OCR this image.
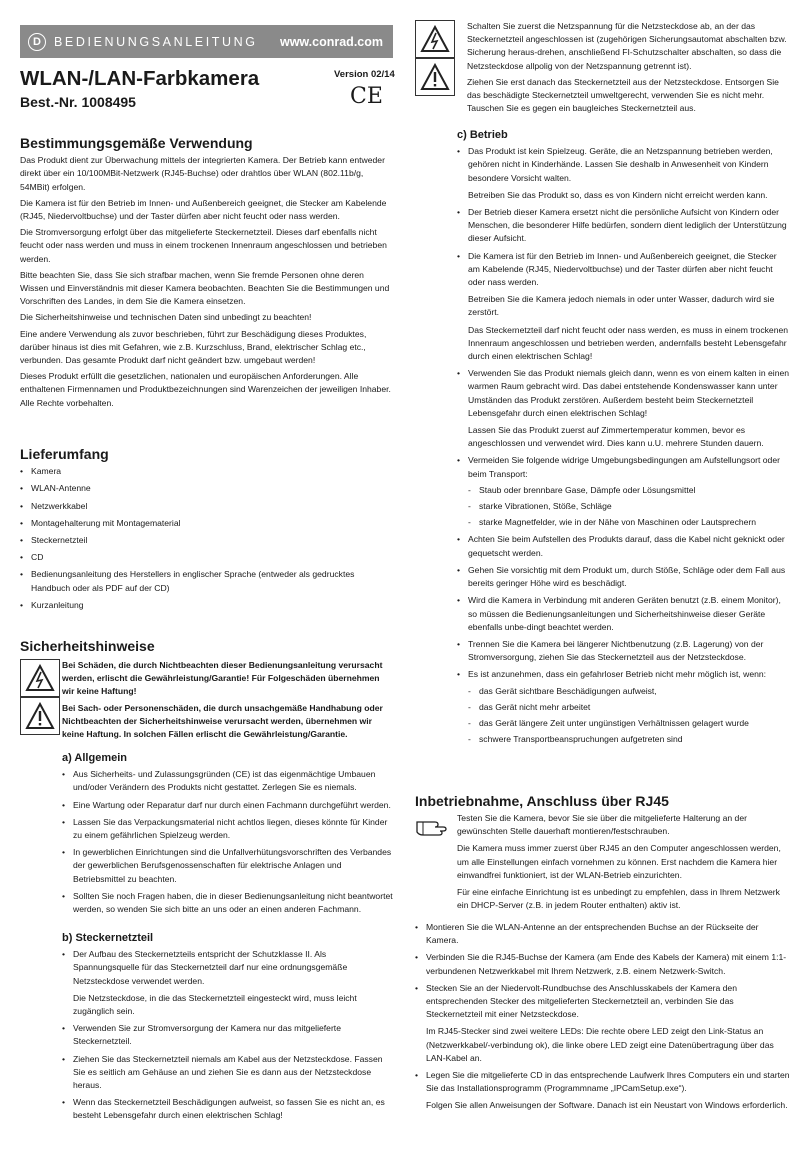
D	BEDIENUNGSANLEITUNG www.conrad.com
WLAN-/LAN-Farbkamera	Version 02/14
CE
Best.-Nr. 1008495
Bestimmungsgemäße Verwendung

Das Produkt dient zur Überwachung mittels der integrierten Kamera. Der Betrieb kann entweder direkt über ein 10/100MBit-Netzwerk (RJ45-Buchse) oder drahtlos über WLAN (802.11b/g, 54MBit) erfolgen.

Die Kamera ist für den Betrieb im Innen- und Außenbereich geeignet, die Stecker am Kabelende (RJ45, Niedervoltbuchse) und der Taster dürfen aber nicht feucht oder nass werden.

Die Stromversorgung erfolgt über das mitgelieferte Steckernetzteil. Dieses darf ebenfalls nicht feucht oder nass werden und muss in einem trockenen Innenraum angeschlossen und betrieben werden.

Bitte beachten Sie, dass Sie sich strafbar machen, wenn Sie fremde Personen ohne deren Wissen und Einverständnis mit dieser Kamera beobachten. Beachten Sie die Bestimmungen und Vorschriften des Landes, in dem Sie die Kamera einsetzen.

Die Sicherheitshinweise und technischen Daten sind unbedingt zu beachten!

Eine andere Verwendung als zuvor beschrieben, führt zur Beschädigung dieses Produktes, darüber hinaus ist dies mit Gefahren, wie z.B. Kurzschluss, Brand, elektrischer Schlag etc., verbunden. Das gesamte Produkt darf nicht geändert bzw. umgebaut werden!

Dieses Produkt erfüllt die gesetzlichen, nationalen und europäischen Anforderungen. Alle enthaltenen Firmennamen und Produktbezeichnungen sind Warenzeichen der jeweiligen Inhaber. Alle Rechte vorbehalten.

Lieferumfang
• Kamera
• WLAN-Antenne
• Netzwerkkabel
• Montagehalterung mit Montagematerial
• Steckernetzteil
• CD
• Bedienungsanleitung des Herstellers in englischer Sprache (entweder als gedrucktes Handbuch oder als PDF auf der CD)
• Kurzanleitung
Sicherheitshinweise

Bei Schäden, die durch Nichtbeachten dieser Bedienungsanleitung verursacht werden, erlischt die Gewährleistung/Garantie! Für Folgeschäden übernehmen wir keine Haftung!

Bei Sach- oder Personenschäden, die durch unsachgemäße Handhabung oder Nichtbeachten der Sicherheitshinweise verursacht werden, übernehmen wir keine Haftung. In solchen Fällen erlischt die Gewährleistung/Garantie.

a) Allgemein
• Aus Sicherheits- und Zulassungsgründen (CE) ist das eigenmächtige Umbauen und/oder Verändern des Produkts nicht gestattet. Zerlegen Sie es niemals.
• Eine Wartung oder Reparatur darf nur durch einen Fachmann durchgeführt werden.
• Lassen Sie das Verpackungsmaterial nicht achtlos liegen, dieses könnte für Kinder zu einem gefährlichen Spielzeug werden.
• In gewerblichen Einrichtungen sind die Unfallverhütungsvorschriften des Verbandes der gewerblichen Berufsgenossenschaften für elektrische Anlagen und Betriebsmittel zu beachten.
• Sollten Sie noch Fragen haben, die in dieser Bedienungsanleitung nicht beantwortet werden, so wenden Sie sich bitte an uns oder an einen anderen Fachmann.
b) Steckernetzteil
• Der Aufbau des Steckernetzteils entspricht der Schutzklasse II. Als Spannungsquelle für das Steckernetzteil darf nur eine ordnungsgemäße Netzsteckdose verwendet werden.
Die Netzsteckdose, in die das Steckernetzteil eingesteckt wird, muss leicht zugänglich sein.
• Verwenden Sie zur Stromversorgung der Kamera nur das mitgelieferte Steckernetzteil.
• Ziehen Sie das Steckernetzteil niemals am Kabel aus der Netzsteckdose. Fassen Sie es seitlich am Gehäuse an und ziehen Sie es dann aus der Netzsteckdose heraus.
• Wenn das Steckernetzteil Beschädigungen aufweist, so fassen Sie es nicht an, es besteht Lebensgefahr durch einen elektrischen Schlag!

Schalten Sie zuerst die Netzspannung für die Netzsteckdose ab, an der das Steckernetzteil angeschlossen ist (zugehörigen Sicherungsautomat abschalten bzw. Sicherung heraus-drehen, anschließend FI-Schutzschalter abschalten, so dass die Netzsteckdose allpolig von der Netzspannung getrennt ist).

Ziehen Sie erst danach das Steckernetzteil aus der Netzsteckdose. Entsorgen Sie das beschädigte Steckernetzteil umweltgerecht, verwenden Sie es nicht mehr. Tauschen Sie es gegen ein baugleiches Steckernetzteil aus.

c) Betrieb
• Das Produkt ist kein Spielzeug. Geräte, die an Netzspannung betrieben werden, gehören nicht in Kinderhände. Lassen Sie deshalb in Anwesenheit von Kindern besondere Vorsicht walten.
Betreiben Sie das Produkt so, dass es von Kindern nicht erreicht werden kann.
• Der Betrieb dieser Kamera ersetzt nicht die persönliche Aufsicht von Kindern oder Menschen, die besonderer Hilfe bedürfen, sondern dient lediglich der Unterstützung dieser Aufsicht.
• Die Kamera ist für den Betrieb im Innen- und Außenbereich geeignet, die Stecker am Kabelende (RJ45, Niedervoltbuchse) und der Taster dürfen aber nicht feucht oder nass werden.
Betreiben Sie die Kamera jedoch niemals in oder unter Wasser, dadurch wird sie zerstört.
Das Steckernetzteil darf nicht feucht oder nass werden, es muss in einem trockenen Innenraum angeschlossen und betrieben werden, andernfalls besteht Lebensgefahr durch einen elektrischen Schlag!
• Verwenden Sie das Produkt niemals gleich dann, wenn es von einem kalten in einen warmen Raum gebracht wird. Das dabei entstehende Kondenswasser kann unter Umständen das Produkt zerstören. Außerdem besteht beim Steckernetzteil Lebensgefahr durch einen elektrischen Schlag!
Lassen Sie das Produkt zuerst auf Zimmertemperatur kommen, bevor es angeschlossen und verwendet wird. Dies kann u.U. mehrere Stunden dauern.
• Vermeiden Sie folgende widrige Umgebungsbedingungen am Aufstellungsort oder beim Transport:
- Staub oder brennbare Gase, Dämpfe oder Lösungsmittel
- starke Vibrationen, Stöße, Schläge
- starke Magnetfelder, wie in der Nähe von Maschinen oder Lautsprechern
• Achten Sie beim Aufstellen des Produkts darauf, dass die Kabel nicht geknickt oder gequetscht werden.
• Gehen Sie vorsichtig mit dem Produkt um, durch Stöße, Schläge oder dem Fall aus bereits geringer Höhe wird es beschädigt.
• Wird die Kamera in Verbindung mit anderen Geräten benutzt (z.B. einem Monitor), so müssen die Bedienungsanleitungen und Sicherheitshinweise dieser Geräte ebenfalls unbe-dingt beachtet werden.
• Trennen Sie die Kamera bei längerer Nichtbenutzung (z.B. Lagerung) von der Stromversorgung, ziehen Sie das Steckernetzteil aus der Netzsteckdose.
• Es ist anzunehmen, dass ein gefahrloser Betrieb nicht mehr möglich ist, wenn:
- das Gerät sichtbare Beschädigungen aufweist,
- das Gerät nicht mehr arbeitet
- das Gerät längere Zeit unter ungünstigen Verhältnissen gelagert wurde
- schwere Transportbeanspruchungen aufgetreten sind
Inbetriebnahme, Anschluss über RJ45

Testen Sie die Kamera, bevor Sie sie über die mitgelieferte Halterung an der gewünschten Stelle dauerhaft montieren/festschrauben.

Die Kamera muss immer zuerst über RJ45 an den Computer angeschlossen werden, um alle Einstellungen einfach vornehmen zu können. Erst nachdem die Kamera hier einwandfrei funktioniert, ist der WLAN-Betrieb einzurichten.

Für eine einfache Einrichtung ist es unbedingt zu empfehlen, dass in Ihrem Netzwerk ein DHCP-Server (z.B. in jedem Router enthalten) aktiv ist.

• Montieren Sie die WLAN-Antenne an der entsprechenden Buchse an der Rückseite der Kamera.
• Verbinden Sie die RJ45-Buchse der Kamera (am Ende des Kabels der Kamera) mit einem 1:1-verbundenen Netzwerkkabel mit Ihrem Netzwerk, z.B. einem Netzwerk-Switch.
• Stecken Sie an der Niedervolt-Rundbuchse des Anschlusskabels der Kamera den entsprechenden Stecker des mitgelieferten Steckernetzteil an, verbinden Sie das Steckernetzteil mit einer Netzsteckdose.
Im RJ45-Stecker sind zwei weitere LEDs: Die rechte obere LED zeigt den Link-Status an (Netzwerkkabel/-verbindung ok), die linke obere LED zeigt eine Datenübertragung über das LAN-Kabel an.
• Legen Sie die mitgelieferte CD in das entsprechende Laufwerk Ihres Computers ein und starten Sie das Installationsprogramm (Programmname „IPCamSetup.exe“).
Folgen Sie allen Anweisungen der Software. Danach ist ein Neustart von Windows erforderlich.
